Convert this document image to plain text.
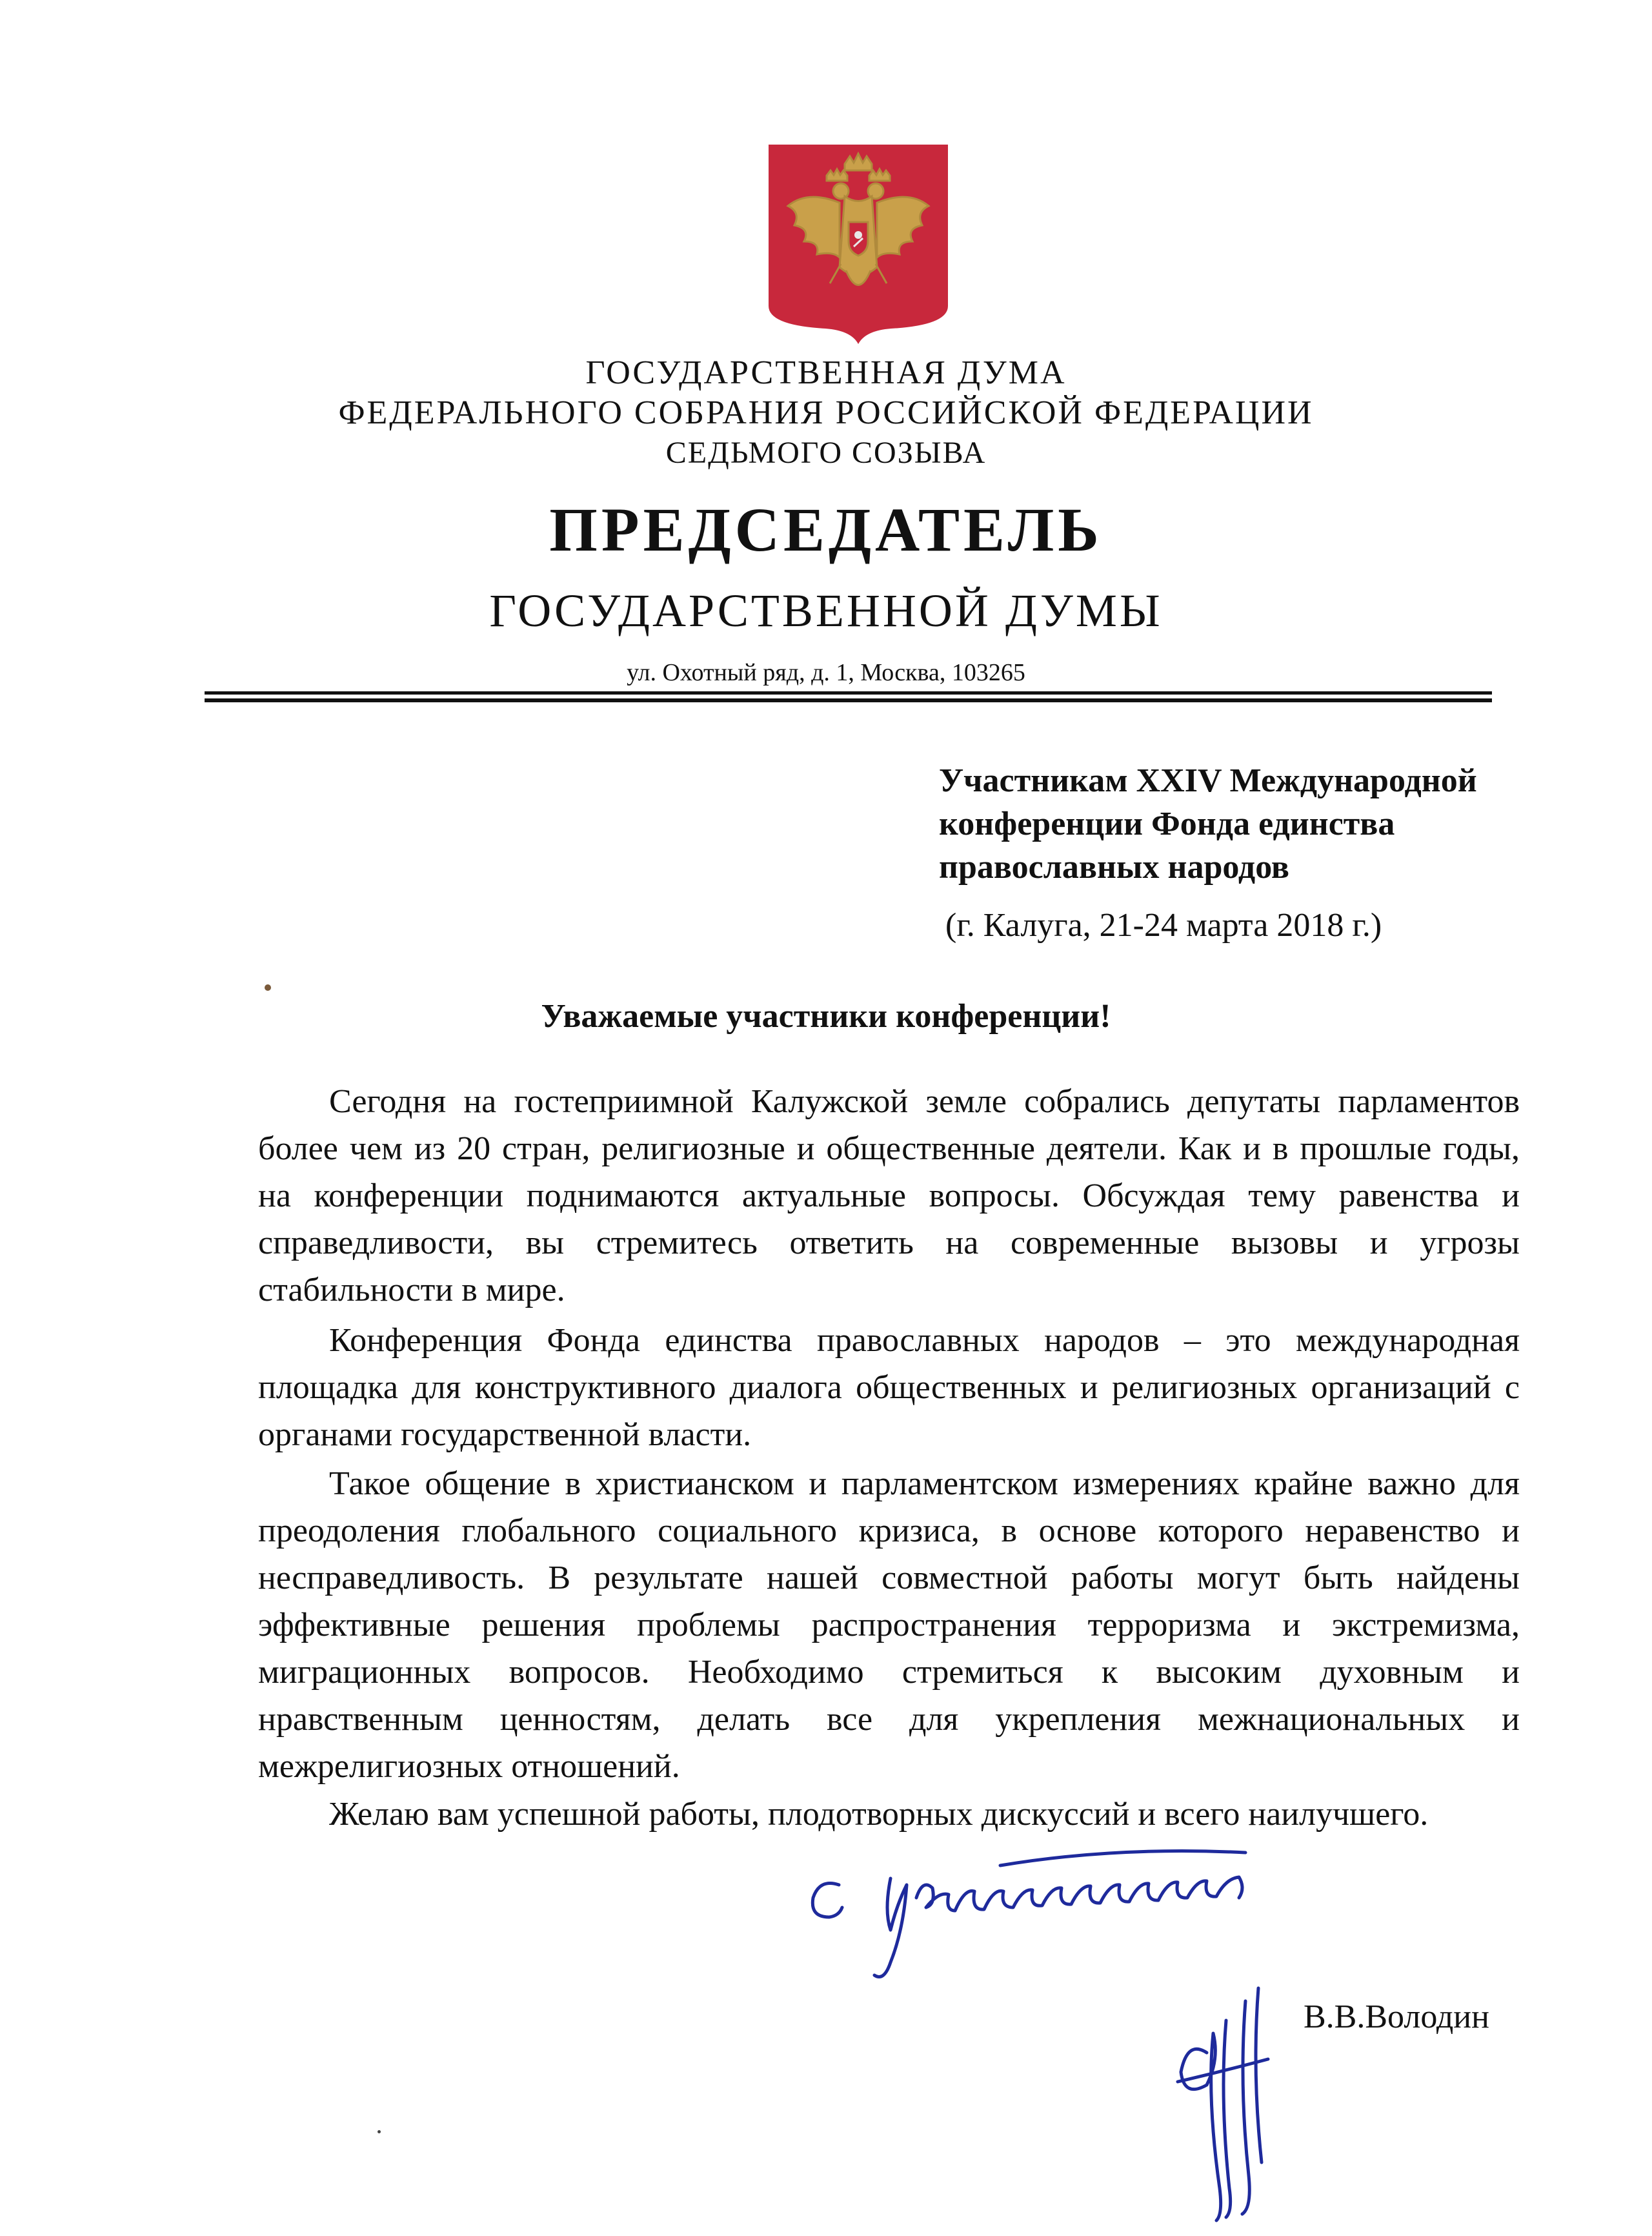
ГОСУДАРСТВЕННАЯ ДУМА
ФЕДЕРАЛЬНОГО СОБРАНИЯ РОССИЙСКОЙ ФЕДЕРАЦИИ
СЕДЬМОГО СОЗЫВА
ПРЕДСЕДАТЕЛЬ
ГОСУДАРСТВЕННОЙ ДУМЫ
ул. Охотный ряд, д. 1, Москва, 103265
Участникам XXIV Международной
конференции Фонда единства
православных народов
(г. Калуга, 21-24 марта 2018 г.)
Уважаемые участники конференции!
Сегодня на гостеприимной Калужской земле собрались депутаты парламентов более чем из 20 стран, религиозные и общественные деятели. Как и в прошлые годы, на конференции поднимаются актуальные вопросы. Обсуждая тему равенства и справедливости, вы стремитесь ответить на современные вызовы и угрозы стабильности в мире.
Конференция Фонда единства православных народов – это международная площадка для конструктивного диалога общественных и религиозных организаций с органами государственной власти.
Такое общение в христианском и парламентском измерениях крайне важно для преодоления глобального социального кризиса, в основе которого неравенство и несправедливость. В результате нашей совместной работы могут быть найдены эффективные решения проблемы распространения терроризма и экстремизма, миграционных вопросов. Необходимо стремиться к высоким духовным и нравственным ценностям, делать все для укрепления межнациональных и межрелигиозных отношений.
Желаю вам успешной работы, плодотворных дискуссий и всего наилучшего.
В.В.Володин
